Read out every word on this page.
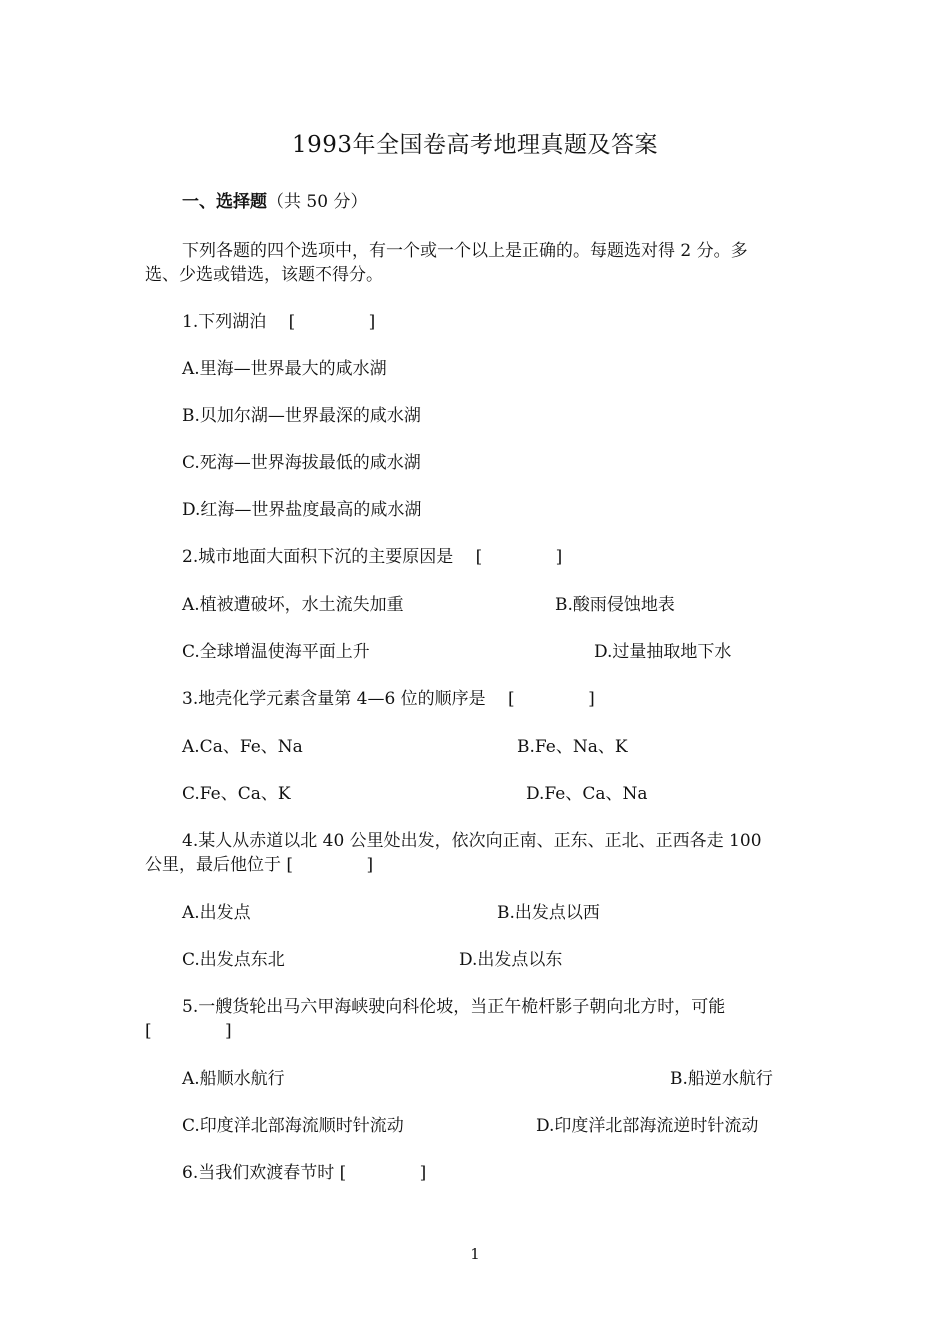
1993年全国卷高考地理真题及答案
一、选择题（共 50 分）
下列各题的四个选项中，有一个或一个以上是正确的。每题选对得 2 分。多
选、少选或错选，该题不得分。
1.下列湖泊　 [　　　　 ]
A.里海—世界最大的咸水湖
B.贝加尔湖—世界最深的咸水湖
C.死海—世界海拔最低的咸水湖
D.红海—世界盐度最高的咸水湖
2.城市地面大面积下沉的主要原因是　 [　　　　 ]
A.植被遭破坏，水土流失加重	B.酸雨侵蚀地表
C.全球增温使海平面上升	D.过量抽取地下水
3.地壳化学元素含量第 4—6 位的顺序是　 [　　　　 ]
A.Ca、Fe、Na	B.Fe、Na、K
C.Fe、Ca、K	D.Fe、Ca、Na
4.某人从赤道以北 40 公里处出发，依次向正南、正东、正北、正西各走 100
公里，最后他位于 [　　　　 ]
A.出发点	B.出发点以西
C.出发点东北	D.出发点以东
5.一艘货轮出马六甲海峡驶向科伦坡，当正午桅杆影子朝向北方时，可能
[　　　　 ]
A.船顺水航行	B.船逆水航行
C.印度洋北部海流顺时针流动	D.印度洋北部海流逆时针流动
6.当我们欢渡春节时 [　　　　 ]
1
